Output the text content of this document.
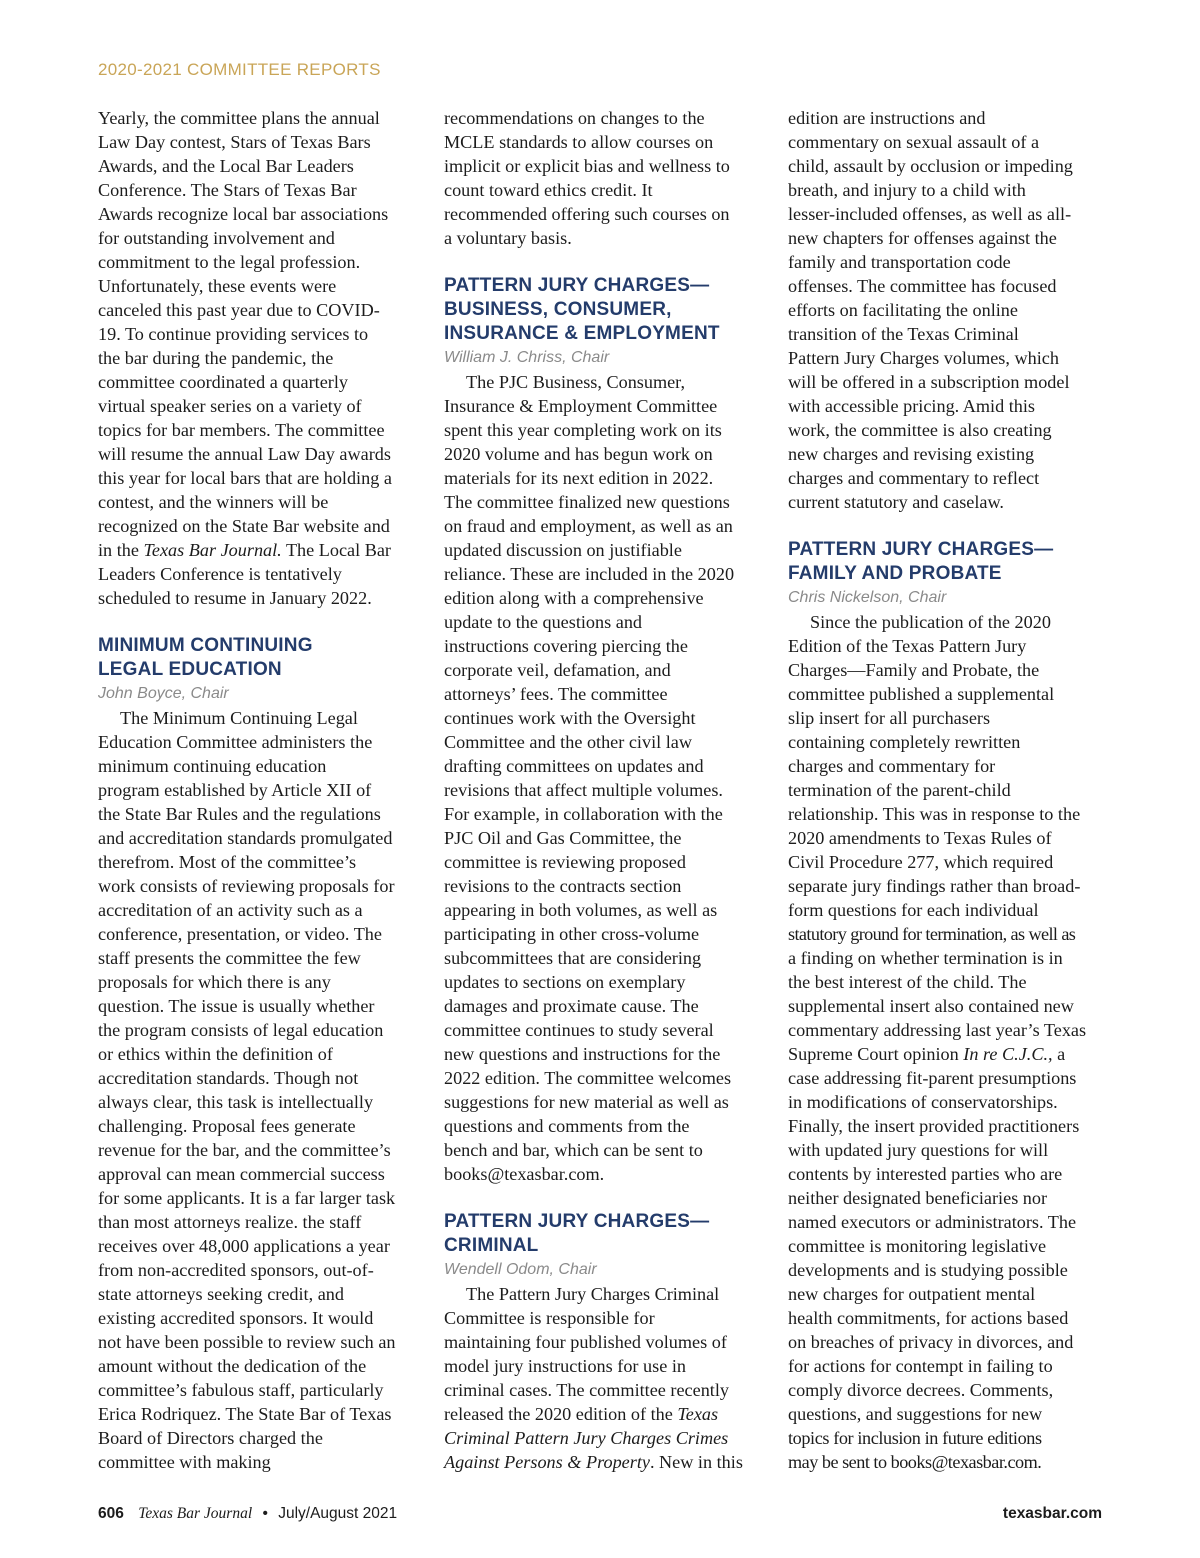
2020-2021 COMMITTEE REPORTS

Yearly, the committee plans the annual

Law Day contest, Stars of Texas Bars

Awards, and the Local Bar Leaders

Conference. The Stars of Texas Bar

Awards recognize local bar associations

for outstanding involvement and

commitment to the legal profession.

Unfortunately, these events were

canceled this past year due to COVID-

19. To continue providing services to

the bar during the pandemic, the

committee coordinated a quarterly

virtual speaker series on a variety of

topics for bar members. The committee

will resume the annual Law Day awards

this year for local bars that are holding a

contest, and the winners will be

recognized on the State Bar website and

in the Texas Bar Journal. The Local Bar

Leaders Conference is tentatively

scheduled to resume in January 2022.

MINIMUM CONTINUING
LEGAL EDUCATION
John Boyce, Chair

The Minimum Continuing Legal

Education Committee administers the

minimum continuing education

program established by Article XII of

the State Bar Rules and the regulations

and accreditation standards promulgated

therefrom. Most of the committee’s

work consists of reviewing proposals for

accreditation of an activity such as a

conference, presentation, or video. The

staff presents the committee the few

proposals for which there is any

question. The issue is usually whether

the program consists of legal education

or ethics within the definition of

accreditation standards. Though not

always clear, this task is intellectually

challenging. Proposal fees generate

revenue for the bar, and the committee’s

approval can mean commercial success

for some applicants. It is a far larger task

than most attorneys realize. the staff

receives over 48,000 applications a year

from non-accredited sponsors, out-of-

state attorneys seeking credit, and

existing accredited sponsors. It would

not have been possible to review such an

amount without the dedication of the

committee’s fabulous staff, particularly

Erica Rodriquez. The State Bar of Texas

Board of Directors charged the

committee with making

recommendations on changes to the

MCLE standards to allow courses on

implicit or explicit bias and wellness to

count toward ethics credit. It

recommended offering such courses on

a voluntary basis.

PATTERN JURY CHARGES—
BUSINESS, CONSUMER,
INSURANCE & EMPLOYMENT
William J. Chriss, Chair

The PJC Business, Consumer,

Insurance & Employment Committee

spent this year completing work on its

2020 volume and has begun work on

materials for its next edition in 2022.

The committee finalized new questions

on fraud and employment, as well as an

updated discussion on justifiable

reliance. These are included in the 2020

edition along with a comprehensive

update to the questions and

instructions covering piercing the

corporate veil, defamation, and

attorneys’ fees. The committee

continues work with the Oversight

Committee and the other civil law

drafting committees on updates and

revisions that affect multiple volumes.

For example, in collaboration with the

PJC Oil and Gas Committee, the

committee is reviewing proposed

revisions to the contracts section

appearing in both volumes, as well as

participating in other cross-volume

subcommittees that are considering

updates to sections on exemplary

damages and proximate cause. The

committee continues to study several

new questions and instructions for the

2022 edition. The committee welcomes

suggestions for new material as well as

questions and comments from the

bench and bar, which can be sent to

books@texasbar.com.

PATTERN JURY CHARGES—
CRIMINAL
Wendell Odom, Chair

The Pattern Jury Charges Criminal

Committee is responsible for

maintaining four published volumes of

model jury instructions for use in

criminal cases. The committee recently

released the 2020 edition of the Texas

Criminal Pattern Jury Charges Crimes

Against Persons & Property. New in this

edition are instructions and

commentary on sexual assault of a

child, assault by occlusion or impeding

breath, and injury to a child with

lesser-included offenses, as well as all-

new chapters for offenses against the

family and transportation code

offenses. The committee has focused

efforts on facilitating the online

transition of the Texas Criminal

Pattern Jury Charges volumes, which

will be offered in a subscription model

with accessible pricing. Amid this

work, the committee is also creating

new charges and revising existing

charges and commentary to reflect

current statutory and caselaw.

PATTERN JURY CHARGES—
FAMILY AND PROBATE
Chris Nickelson, Chair

Since the publication of the 2020

Edition of the Texas Pattern Jury

Charges—Family and Probate, the

committee published a supplemental

slip insert for all purchasers

containing completely rewritten

charges and commentary for

termination of the parent-child

relationship. This was in response to the

2020 amendments to Texas Rules of

Civil Procedure 277, which required

separate jury findings rather than broad-

form questions for each individual

statutory ground for termination, as well as

a finding on whether termination is in

the best interest of the child. The

supplemental insert also contained new

commentary addressing last year’s Texas

Supreme Court opinion In re C.J.C., a

case addressing fit-parent presumptions

in modifications of conservatorships.

Finally, the insert provided practitioners

with updated jury questions for will

contents by interested parties who are

neither designated beneficiaries nor

named executors or administrators. The

committee is monitoring legislative

developments and is studying possible

new charges for outpatient mental

health commitments, for actions based

on breaches of privacy in divorces, and

for actions for contempt in failing to

comply divorce decrees. Comments,

questions, and suggestions for new

topics for inclusion in future editions

may be sent to books@texasbar.com.

606 Texas Bar Journal • July/August 2021	texasbar.com
